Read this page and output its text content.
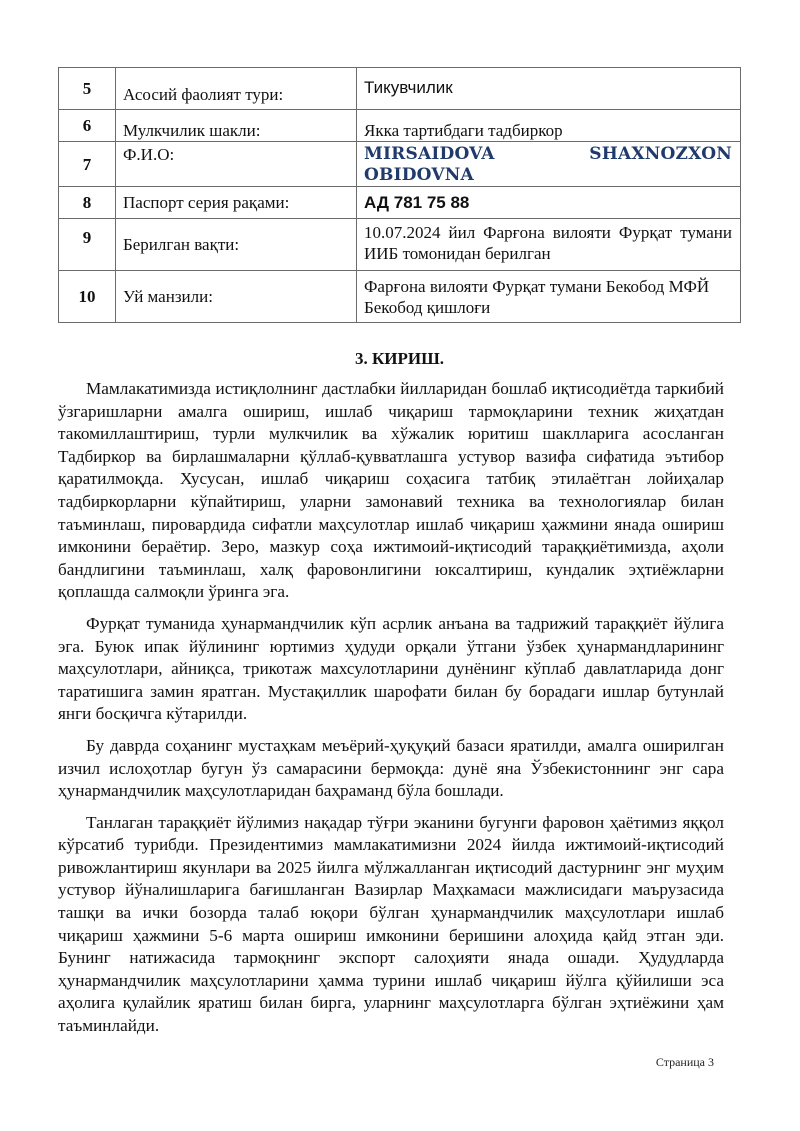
5	Асосий фаолият тури:	Тикувчилик
6	Мулкчилик шакли:	Якка тартибдаги тадбиркор
7	Ф.И.О:	MIRSAIDOVA SHAXNOZXON OBIDOVNA
8	Паспорт серия рақами:	АД 781 75 88
9	Берилган вақти:	10.07.2024 йил Фарғона вилояти Фурқат тумани ИИБ томонидан берилган
10	Уй манзили:	Фарғона вилояти Фурқат тумани Бекобод МФЙ Бекобод қишлоғи
3. КИРИШ.

Мамлакатимизда истиқлолнинг дастлабки йилларидан бошлаб иқтисодиётда таркибий ўзгаришларни амалга ошириш, ишлаб чиқариш тармоқларини техник жиҳатдан такомиллаштириш, турли мулкчилик ва хўжалик юритиш шаклларига асосланган Тадбиркор ва бирлашмаларни қўллаб-қувватлашга устувор вазифа сифатида эътибор қаратилмоқда. Хусусан, ишлаб чиқариш соҳасига татбиқ этилаётган лойиҳалар тадбиркорларни кўпайтириш, уларни замонавий техника ва технологиялар билан таъминлаш, пировардида сифатли маҳсулотлар ишлаб чиқариш ҳажмини янада ошириш имконини бераётир. Зеро, мазкур соҳа ижтимоий-иқтисодий тараққиётимизда, аҳоли бандлигини таъминлаш, халқ фаровонлигини юксалтириш, кундалик эҳтиёжларни қоплашда салмоқли ўринга эга.

Фурқат туманида ҳунармандчилик кўп асрлик анъана ва тадрижий тараққиёт йўлига эга. Буюк ипак йўлининг юртимиз ҳудуди орқали ўтгани ўзбек ҳунармандларининг маҳсулотлари, айниқса, трикотаж махсулотларини дунёнинг кўплаб давлатларида донг таратишига замин яратган. Мустақиллик шарофати билан бу борадаги ишлар бутунлай янги босқичга кўтарилди.

Бу даврда соҳанинг мустаҳкам меъёрий-ҳуқуқий базаси яратилди, амалга оширилган изчил ислоҳотлар бугун ўз самарасини бермоқда: дунё яна Ўзбекистоннинг энг сара ҳунармандчилик маҳсулотларидан баҳраманд бўла бошлади.

Танлаган тараққиёт йўлимиз нақадар тўғри эканини бугунги фаровон ҳаётимиз яққол кўрсатиб турибди. Президентимиз мамлакатимизни 2024 йилда ижтимоий-иқтисодий ривожлантириш якунлари ва 2025 йилга мўлжалланган иқтисодий дастурнинг энг муҳим устувор йўналишларига бағишланган Вазирлар Маҳкамаси мажлисидаги маърузасида ташқи ва ички бозорда талаб юқори бўлган ҳунармандчилик маҳсулотлари ишлаб чиқариш ҳажмини 5-6 марта ошириш имконини беришини алоҳида қайд этган эди. Бунинг натижасида тармоқнинг экспорт салоҳияти янада ошади. Ҳудудларда ҳунармандчилик маҳсулотларини ҳамма турини ишлаб чиқариш йўлга қўйилиши эса аҳолига қулайлик яратиш билан бирга, уларнинг маҳсулотларга бўлган эҳтиёжини ҳам таъминлайди.

Страница 3
